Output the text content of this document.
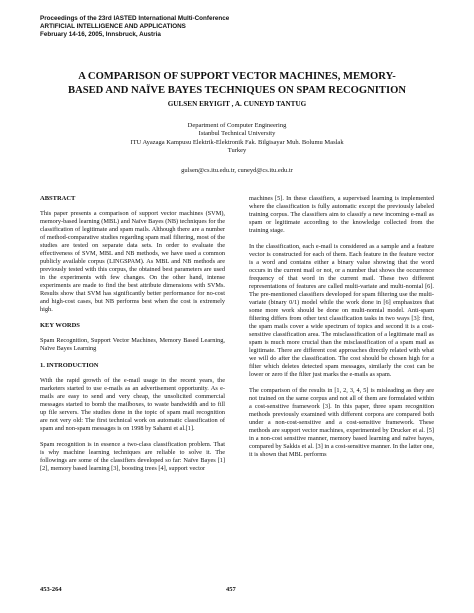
Proceedings of the 23rd IASTED International Multi-Conference
ARTIFICIAL INTELLIGENCE AND APPLICATIONS
February 14-16, 2005, Innsbruck, Austria
A COMPARISON OF SUPPORT VECTOR MACHINES, MEMORY-
BASED AND NAÏVE BAYES TECHNIQUES ON SPAM RECOGNITION
GULSEN ERYIGIT , A. CUNEYD TANTUG
Department of Computer Engineering
Istanbul Technical University
ITU Ayazaga Kampusu Elektrik-Elektronik Fak. Bilgisayar Muh. Bolumu Maslak
Turkey
gulsen@cs.itu.edu.tr, cuneyd@cs.itu.edu.tr
ABSTRACT
This paper presents a comparison of support vector machines (SVM), memory-based learning (MBL) and Naïve Bayes (NB) techniques for the classification of legitimate and spam mails. Although there are a number of method-comparative studies regarding spam mail filtering, most of the studies are tested on separate data sets. In order to evaluate the effectiveness of SVM, MBL and NB methods, we have used a common publicly available corpus (LINGSPAM). As MBL and NB methods are previously tested with this corpus, the obtained best parameters are used in the experiments with few changes. On the other hand, intense experiments are made to find the best attribute dimensions with SVMs. Results show that SVM has significantly better performance for no-cost and high-cost cases, but NB performs best when the cost is extremely high.
KEY WORDS
Spam Recognition, Support Vector Machines, Memory Based Learning, Naïve Bayes Learning
1. INTRODUCTION
With the rapid growth of the e-mail usage in the recent years, the marketers started to use e-mails as an advertisement opportunity. As e-mails are easy to send and very cheap, the unsolicited commercial messages started to bomb the mailboxes, to waste bandwidth and to fill up file servers. The studies done in the topic of spam mail recognition are not very old: The first technical work on automatic classification of spam and non-spam messages is on 1998 by Sahami et al.[1].
Spam recognition is in essence a two-class classification problem. That is why machine learning techniques are reliable to solve it. The followings are some of the classifiers developed so far: Naïve Bayes [1][2], memory based learning [3], boosting trees [4], support vector
machines [5]. In these classifiers, a supervised learning is implemented where the classification is fully automatic except the previously labeled training corpus. The classifiers aim to classify a new incoming e-mail as spam or legitimate according to the knowledge collected from the training stage.
In the classification, each e-mail is considered as a sample and a feature vector is constructed for each of them. Each feature in the feature vector is a word and contains either a binary value showing that the word occurs in the current mail or not, or a number that shows the occurrence frequency of that word in the current mail. These two different representations of features are called multi-variate and multi-nomial [6]. The pre-mentioned classifiers developed for spam filtering use the multi-variate (binary 0/1) model while the work done in [6] emphasizes that some more work should be done on multi-nomial model. Anti-spam filtering differs from other text classification tasks in two ways [3]: first, the spam mails cover a wide spectrum of topics and second it is a cost-sensitive classification area. The misclassification of a legitimate mail as spam is much more crucial than the misclassification of a spam mail as legitimate. There are different cost approaches directly related with what we will do after the classification. The cost should be chosen high for a filter which deletes detected spam messages, similarly the cost can be lower or zero if the filter just marks the e-mails as spam.
The comparison of the results in [1, 2, 3, 4, 5] is misleading as they are not trained on the same corpus and not all of them are formulated within a cost-sensitive framework [3]. In this paper, three spam recognition methods previously examined with different corpora are compared both under a non-cost-sensitive and a cost-sensitive framework. These methods are support vector machines, experimented by Drucker et al. [5] in a non-cost sensitive manner, memory based learning and naïve bayes, compared by Sakkis et al. [3] in a cost-sensitive manner. In the latter one, it is shown that MBL performs
453-264	457
